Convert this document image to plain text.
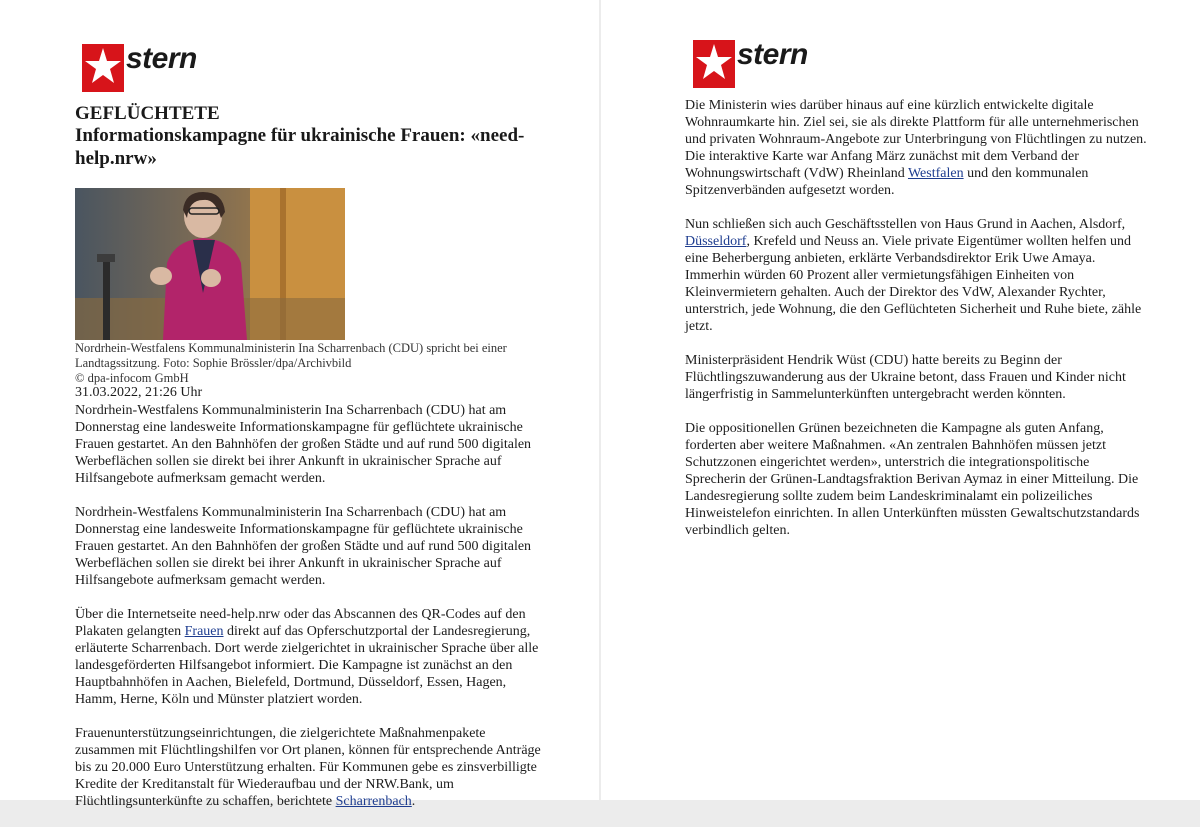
stern
GEFLÜCHTETE
Informationskampagne für ukrainische Frauen: «need-help.nrw»
Nordrhein-Westfalens Kommunalministerin Ina Scharrenbach (CDU) spricht bei einer
Landtagssitzung. Foto: Sophie Brössler/dpa/Archivbild
© dpa-infocom GmbH
31.03.2022, 21:26 Uhr

Nordrhein-Westfalens Kommunalministerin Ina Scharrenbach (CDU) hat am Donnerstag eine landesweite Informationskampagne für geflüchtete ukrainische Frauen gestartet. An den Bahnhöfen der großen Städte und auf rund 500 digitalen Werbeflächen sollen sie direkt bei ihrer Ankunft in ukrainischer Sprache auf Hilfsangebote aufmerksam gemacht werden.

Nordrhein-Westfalens Kommunalministerin Ina Scharrenbach (CDU) hat am Donnerstag eine landesweite Informationskampagne für geflüchtete ukrainische Frauen gestartet. An den Bahnhöfen der großen Städte und auf rund 500 digitalen Werbeflächen sollen sie direkt bei ihrer Ankunft in ukrainischer Sprache auf Hilfsangebote aufmerksam gemacht werden.

Über die Internetseite need-help.nrw oder das Abscannen des QR-Codes auf den Plakaten gelangten Frauen direkt auf das Opferschutzportal der Landesregierung, erläuterte Scharrenbach. Dort werde zielgerichtet in ukrainischer Sprache über alle landesgeförderten Hilfsangebot informiert. Die Kampagne ist zunächst an den Hauptbahnhöfen in Aachen, Bielefeld, Dortmund, Düsseldorf, Essen, Hagen, Hamm, Herne, Köln und Münster platziert worden.

Frauenunterstützungseinrichtungen, die zielgerichtete Maßnahmenpakete zusammen mit Flüchtlingshilfen vor Ort planen, können für entsprechende Anträge bis zu 20.000 Euro Unterstützung erhalten. Für Kommunen gebe es zinsverbilligte Kredite der Kreditanstalt für Wiederaufbau und der NRW.Bank, um Flüchtlingsunterkünfte zu schaffen, berichtete Scharrenbach.

stern

Die Ministerin wies darüber hinaus auf eine kürzlich entwickelte digitale Wohnraumkarte hin. Ziel sei, sie als direkte Plattform für alle unternehmerischen und privaten Wohnraum-Angebote zur Unterbringung von Flüchtlingen zu nutzen. Die interaktive Karte war Anfang März zunächst mit dem Verband der Wohnungswirtschaft (VdW) Rheinland Westfalen und den kommunalen Spitzenverbänden aufgesetzt worden.

Nun schließen sich auch Geschäftsstellen von Haus Grund in Aachen, Alsdorf, Düsseldorf, Krefeld und Neuss an. Viele private Eigentümer wollten helfen und eine Beherbergung anbieten, erklärte Verbandsdirektor Erik Uwe Amaya. Immerhin würden 60 Prozent aller vermietungsfähigen Einheiten von Kleinvermietern gehalten. Auch der Direktor des VdW, Alexander Rychter, unterstrich, jede Wohnung, die den Geflüchteten Sicherheit und Ruhe biete, zähle jetzt.

Ministerpräsident Hendrik Wüst (CDU) hatte bereits zu Beginn der Flüchtlingszuwanderung aus der Ukraine betont, dass Frauen und Kinder nicht längerfristig in Sammelunterkünften untergebracht werden könnten.

Die oppositionellen Grünen bezeichneten die Kampagne als guten Anfang, forderten aber weitere Maßnahmen. «An zentralen Bahnhöfen müssen jetzt Schutzzonen eingerichtet werden», unterstrich die integrationspolitische Sprecherin der Grünen-Landtagsfraktion Berivan Aymaz in einer Mitteilung. Die Landesregierung sollte zudem beim Landeskriminalamt ein polizeiliches Hinweistelefon einrichten. In allen Unterkünften müssten Gewaltschutzstandards verbindlich gelten.
